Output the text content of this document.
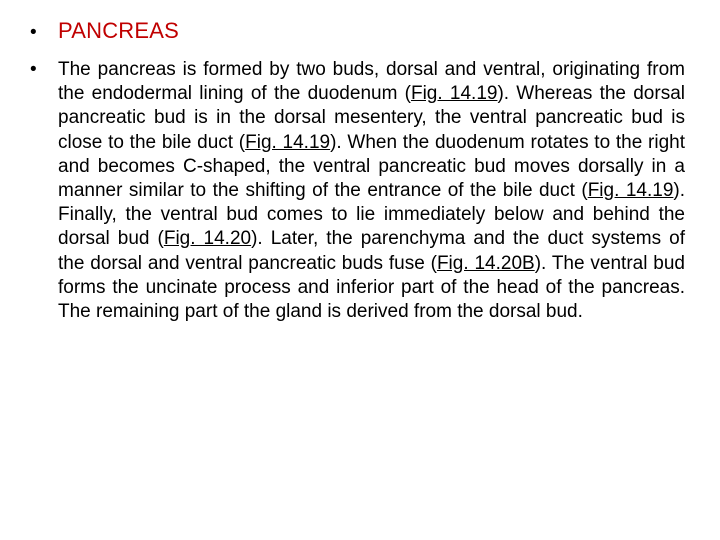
• PANCREAS
•	The pancreas is formed by two buds, dorsal and ventral, originating from the endodermal lining of the duodenum (Fig. 14.19). Whereas the dorsal pancreatic bud is in the dorsal mesentery, the ventral pancreatic bud is close to the bile duct (Fig. 14.19). When the duodenum rotates to the right and becomes C-shaped, the ventral pancreatic bud moves dorsally in a manner similar to the shifting of the entrance of the bile duct (Fig. 14.19). Finally, the ventral bud comes to lie immediately below and behind the dorsal bud (Fig. 14.20). Later, the parenchyma and the duct systems of the dorsal and ventral pancreatic buds fuse (Fig. 14.20B). The ventral bud forms the uncinate process and inferior part of the head of the pancreas. The remaining part of the gland is derived from the dorsal bud.
